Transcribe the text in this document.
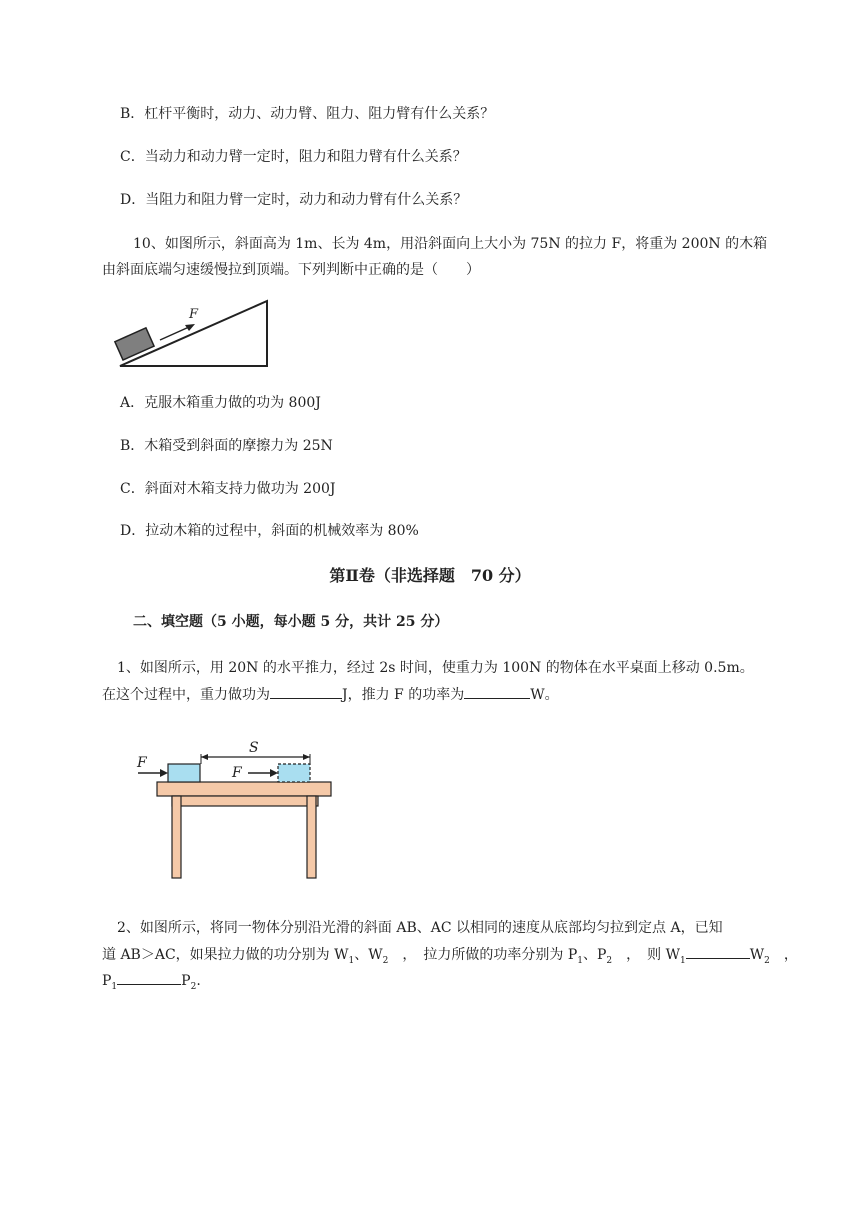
B．杠杆平衡时，动力、动力臂、阻力、阻力臂有什么关系？
C．当动力和动力臂一定时，阻力和阻力臂有什么关系？
D．当阻力和阻力臂一定时，动力和动力臂有什么关系？
10、如图所示，斜面高为 1m、长为 4m，用沿斜面向上大小为 75N 的拉力 F，将重为 200N 的木箱
由斜面底端匀速缓慢拉到顶端。下列判断中正确的是（　　）
F
A．克服木箱重力做的功为 800J
B．木箱受到斜面的摩擦力为 25N
C．斜面对木箱支持力做功为 200J
D．拉动木箱的过程中，斜面的机械效率为 80%
第Ⅱ卷（非选择题　70 分）
二、填空题（5 小题，每小题 5 分，共计 25 分）
1、如图所示，用 20N 的水平推力，经过 2s 时间，使重力为 100N 的物体在水平桌面上移动 0.5m。
在这个过程中，重力做功为	J，推力 F 的功率为	W。
F
F
S
2、如图所示，将同一物体分别沿光滑的斜面 AB、AC 以相同的速度从底部均匀拉到定点 A，已知
道 AB＞AC，如果拉力做的功分别为 $W_1$、$W_2$　，　拉力所做的功率分别为 $P_1$、$P_2$　，　则 $W_1$	$W_2$　，
$P_1$	$P_2$.
